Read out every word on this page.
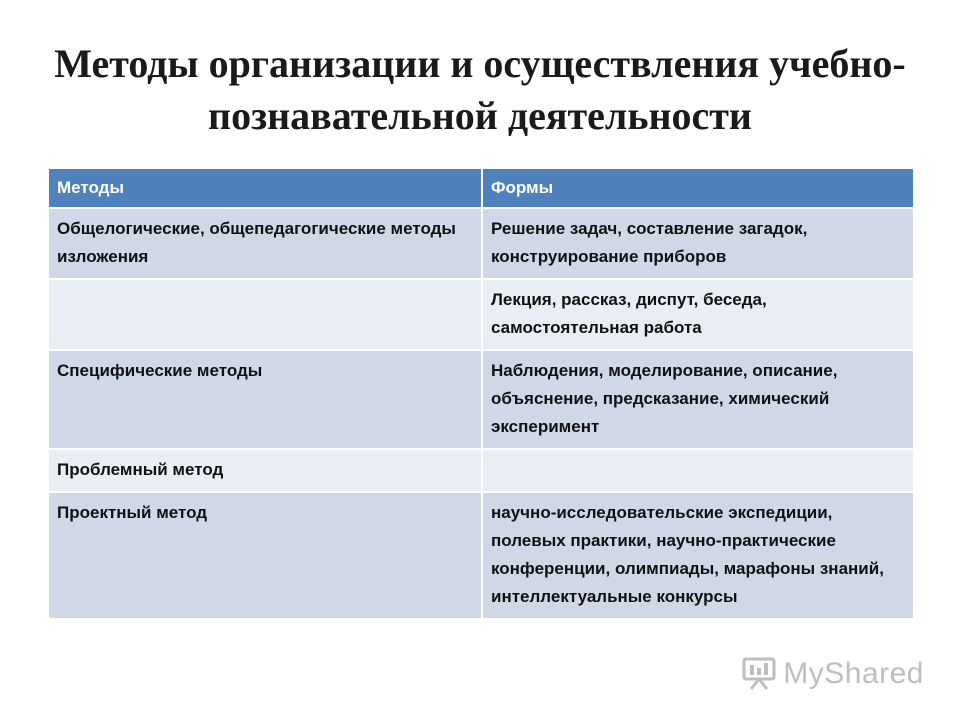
Методы организации и осуществления учебно-познавательной деятельности
Методы	Формы
Общелогические, общепедагогические методы изложения	Решение задач, составление загадок, конструирование приборов
	Лекция, рассказ, диспут, беседа, самостоятельная работа
Специфические методы	Наблюдения, моделирование, описание, объяснение, предсказание, химический эксперимент
Проблемный метод	
Проектный метод	научно-исследовательские экспедиции, полевых практики, научно-практические конференции, олимпиады, марафоны знаний, интеллектуальные конкурсы
MyShared
